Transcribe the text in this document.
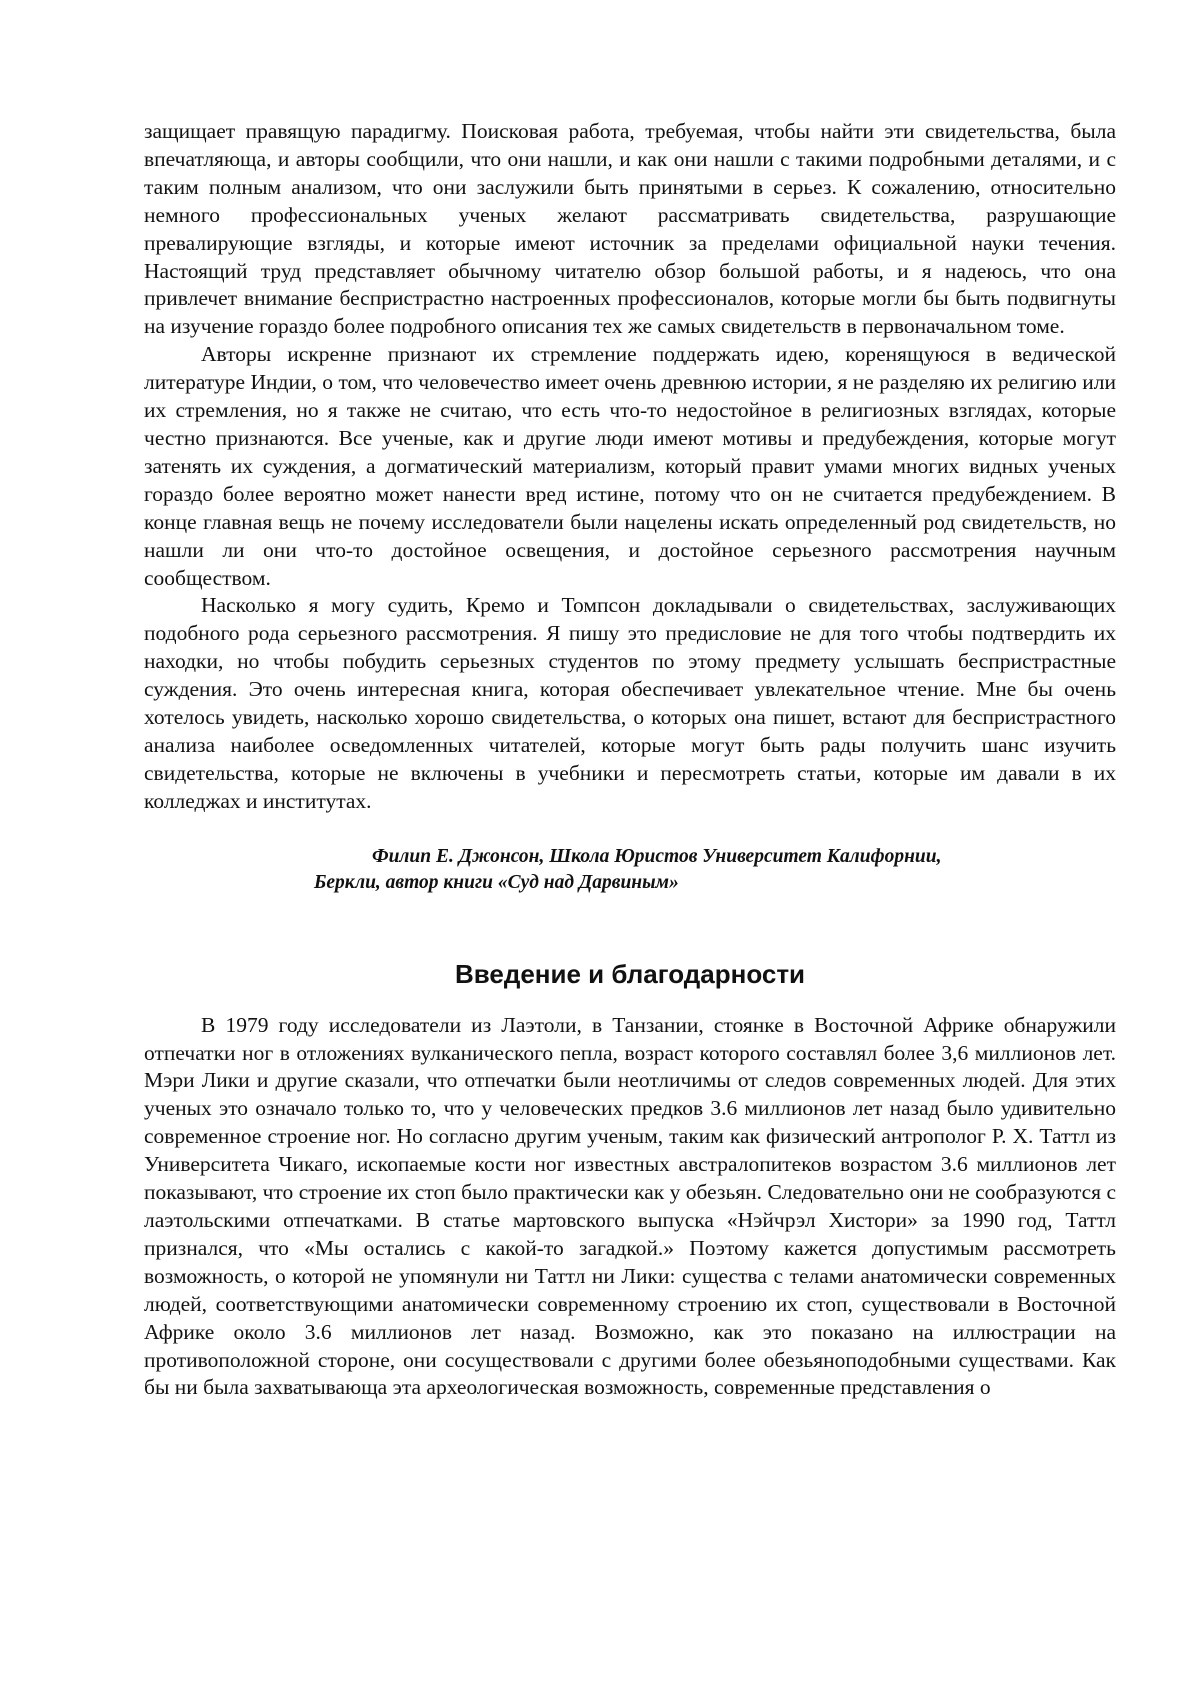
защищает правящую парадигму. Поисковая работа, требуемая, чтобы найти эти свидетельства, была впечатляюща, и авторы сообщили, что они нашли, и как они нашли с такими подробными деталями, и с таким полным анализом, что они заслужили быть принятыми в серьез. К сожалению, относительно немного профессиональных ученых желают рассматривать свидетельства, разрушающие превалирующие взгляды, и которые имеют источник за пределами официальной науки течения. Настоящий труд представляет обычному читателю обзор большой работы, и я надеюсь, что она привлечет внимание беспристрастно настроенных профессионалов, которые могли бы быть подвигнуты на изучение гораздо более подробного описания тех же самых свидетельств в первоначальном томе.

Авторы искренне признают их стремление поддержать идею, коренящуюся в ведической литературе Индии, о том, что человечество имеет очень древнюю истории, я не разделяю их религию или их стремления, но я также не считаю, что есть что-то недостойное в религиозных взглядах, которые честно признаются. Все ученые, как и другие люди имеют мотивы и предубеждения, которые могут затенять их суждения, а догматический материализм, который правит умами многих видных ученых гораздо более вероятно может нанести вред истине, потому что он не считается предубеждением. В конце главная вещь не почему исследователи были нацелены искать определенный род свидетельств, но нашли ли они что-то достойное освещения, и достойное серьезного рассмотрения научным сообществом.

Насколько я могу судить, Кремо и Томпсон докладывали о свидетельствах, заслуживающих подобного рода серьезного рассмотрения. Я пишу это предисловие не для того чтобы подтвердить их находки, но чтобы побудить серьезных студентов по этому предмету услышать беспристрастные суждения. Это очень интересная книга, которая обеспечивает увлекательное чтение. Мне бы очень хотелось увидеть, насколько хорошо свидетельства, о которых она пишет, встают для беспристрастного анализа наиболее осведомленных читателей, которые могут быть рады получить шанс изучить свидетельства, которые не включены в учебники и пересмотреть статьи, которые им давали в их колледжах и институтах.

Филип Е. Джонсон, Школа Юристов Университет Калифорнии,
Беркли, автор книги «Суд над Дарвиным»
Введение и благодарности

В 1979 году исследователи из Лаэтоли, в Танзании, стоянке в Восточной Африке обнаружили отпечатки ног в отложениях вулканического пепла, возраст которого составлял более 3,6 миллионов лет. Мэри Лики и другие сказали, что отпечатки были неотличимы от следов современных людей. Для этих ученых это означало только то, что у человеческих предков 3.6 миллионов лет назад было удивительно современное строение ног. Но согласно другим ученым, таким как физический антрополог Р. Х. Таттл из Университета Чикаго, ископаемые кости ног известных австралопитеков возрастом 3.6 миллионов лет показывают, что строение их стоп было практически как у обезьян. Следовательно они не сообразуются с лаэтольскими отпечатками. В статье мартовского выпуска «Нэйчрэл Хистори» за 1990 год, Таттл признался, что «Мы остались с какой-то загадкой.» Поэтому кажется допустимым рассмотреть возможность, о которой не упомянули ни Таттл ни Лики: существа с телами анатомически современных людей, соответствующими анатомически современному строению их стоп, существовали в Восточной Африке около 3.6 миллионов лет назад. Возможно, как это показано на иллюстрации на противоположной стороне, они сосуществовали с другими более обезьяноподобными существами. Как бы ни была захватывающа эта археологическая возможность, современные представления о
